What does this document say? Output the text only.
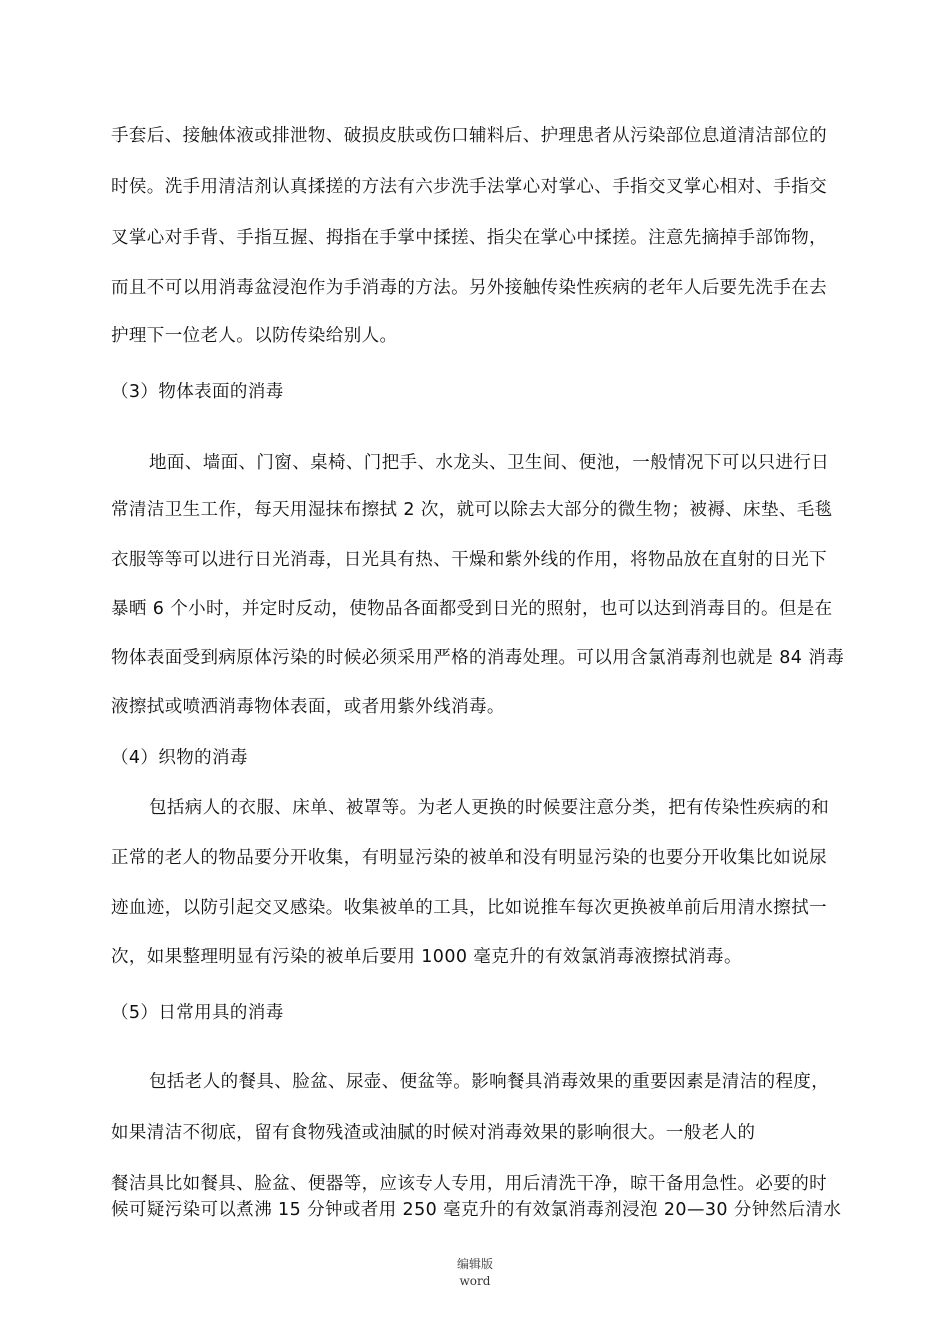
手套后、接触体液或排泄物、破损皮肤或伤口辅料后、护理患者从污染部位息道清洁部位的
时侯。洗手用清洁剂认真揉搓的方法有六步洗手法掌心对掌心、手指交叉掌心相对、手指交
叉掌心对手背、手指互握、拇指在手掌中揉搓、指尖在掌心中揉搓。注意先摘掉手部饰物，
而且不可以用消毒盆浸泡作为手消毒的方法。另外接触传染性疾病的老年人后要先洗手在去
护理下一位老人。以防传染给别人。
（3）物体表面的消毒
地面、墙面、门窗、桌椅、门把手、水龙头、卫生间、便池，一般情况下可以只进行日
常清洁卫生工作，每天用湿抹布擦拭 2 次，就可以除去大部分的微生物；被褥、床垫、毛毯
衣服等等可以进行日光消毒，日光具有热、干燥和紫外线的作用，将物品放在直射的日光下
暴晒 6 个小时，并定时反动，使物品各面都受到日光的照射，也可以达到消毒目的。但是在
物体表面受到病原体污染的时候必须采用严格的消毒处理。可以用含氯消毒剂也就是 84 消毒
液擦拭或喷洒消毒物体表面，或者用紫外线消毒。
（4）织物的消毒
包括病人的衣服、床单、被罩等。为老人更换的时候要注意分类，把有传染性疾病的和
正常的老人的物品要分开收集，有明显污染的被单和没有明显污染的也要分开收集比如说尿
迹血迹，以防引起交叉感染。收集被单的工具，比如说推车每次更换被单前后用清水擦拭一
次，如果整理明显有污染的被单后要用 1000 毫克升的有效氯消毒液擦拭消毒。
（5）日常用具的消毒
包括老人的餐具、脸盆、尿壶、便盆等。影响餐具消毒效果的重要因素是清洁的程度，
如果清洁不彻底，留有食物残渣或油腻的时候对消毒效果的影响很大。一般老人的
餐洁具比如餐具、脸盆、便器等，应该专人专用，用后清洗干净，晾干备用急性。必要的时
候可疑污染可以煮沸 15 分钟或者用 250 毫克升的有效氯消毒剂浸泡 20—30 分钟然后清水
编辑版
word
